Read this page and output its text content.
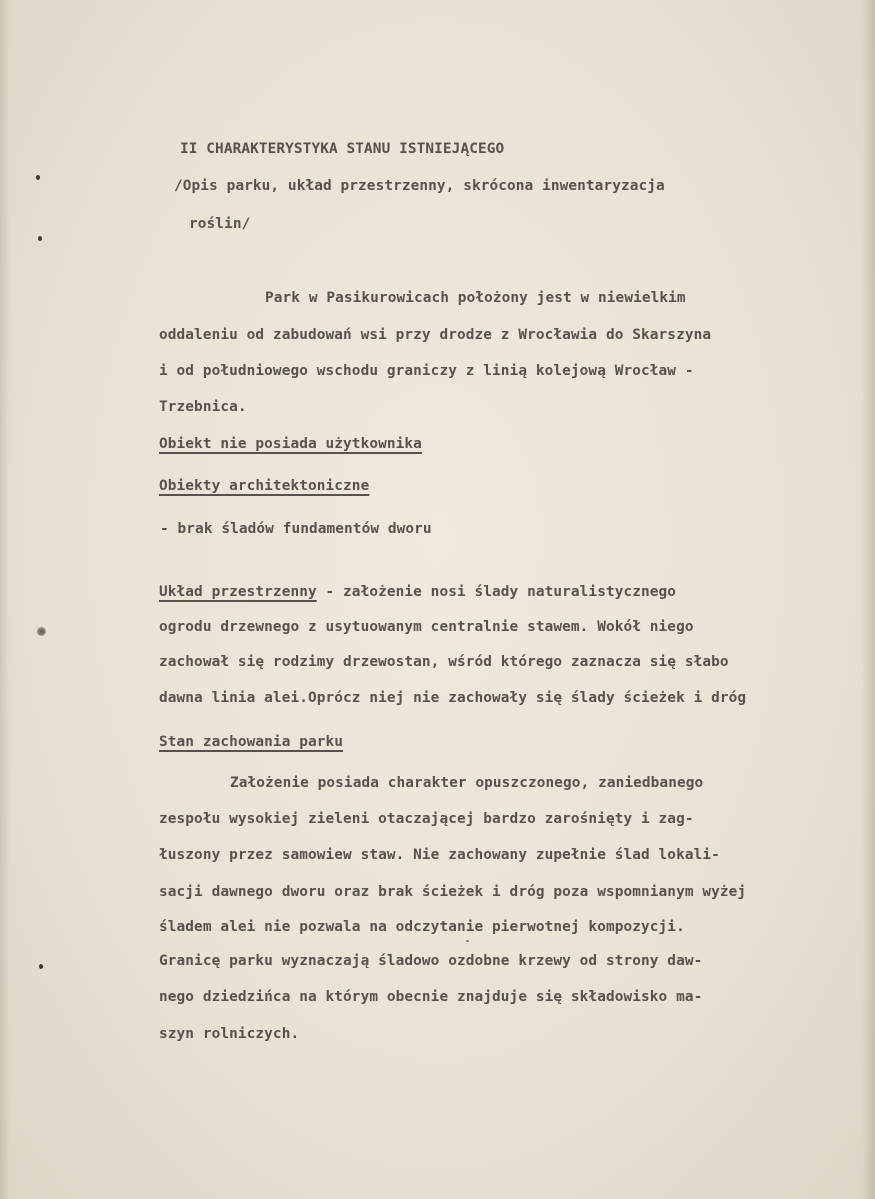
II CHARAKTERYSTYKA STANU ISTNIEJĄCEGO
/Opis parku, układ przestrzenny, skrócona inwentaryzacja
roślin/
Park w Pasikurowicach położony jest w niewielkim
oddaleniu od zabudowań wsi przy drodze z Wrocławia do Skarszyna
i od południowego wschodu graniczy z linią kolejową Wrocław -
Trzebnica.
Obiekt nie posiada użytkownika
Obiekty architektoniczne
- brak śladów fundamentów dworu
Układ przestrzenny - założenie nosi ślady naturalistycznego
ogrodu drzewnego z usytuowanym centralnie stawem. Wokół niego
zachował się rodzimy drzewostan, wśród którego zaznacza się słabo
dawna linia alei.Oprócz niej nie zachowały się ślady ścieżek i dróg
Stan zachowania parku
Założenie posiada charakter opuszczonego, zaniedbanego
zespołu wysokiej zieleni otaczającej bardzo zarośnięty i zag-
łuszony przez samowiew staw. Nie zachowany zupełnie ślad lokali-
sacji dawnego dworu oraz brak ścieżek i dróg poza wspomnianym wyżej
śladem alei nie pozwala na odczytanie pierwotnej kompozycji.
Granicę parku wyznaczają śladowo ozdobne krzewy od strony daw-
nego dziedzińca na którym obecnie znajduje się składowisko ma-
szyn rolniczych.
